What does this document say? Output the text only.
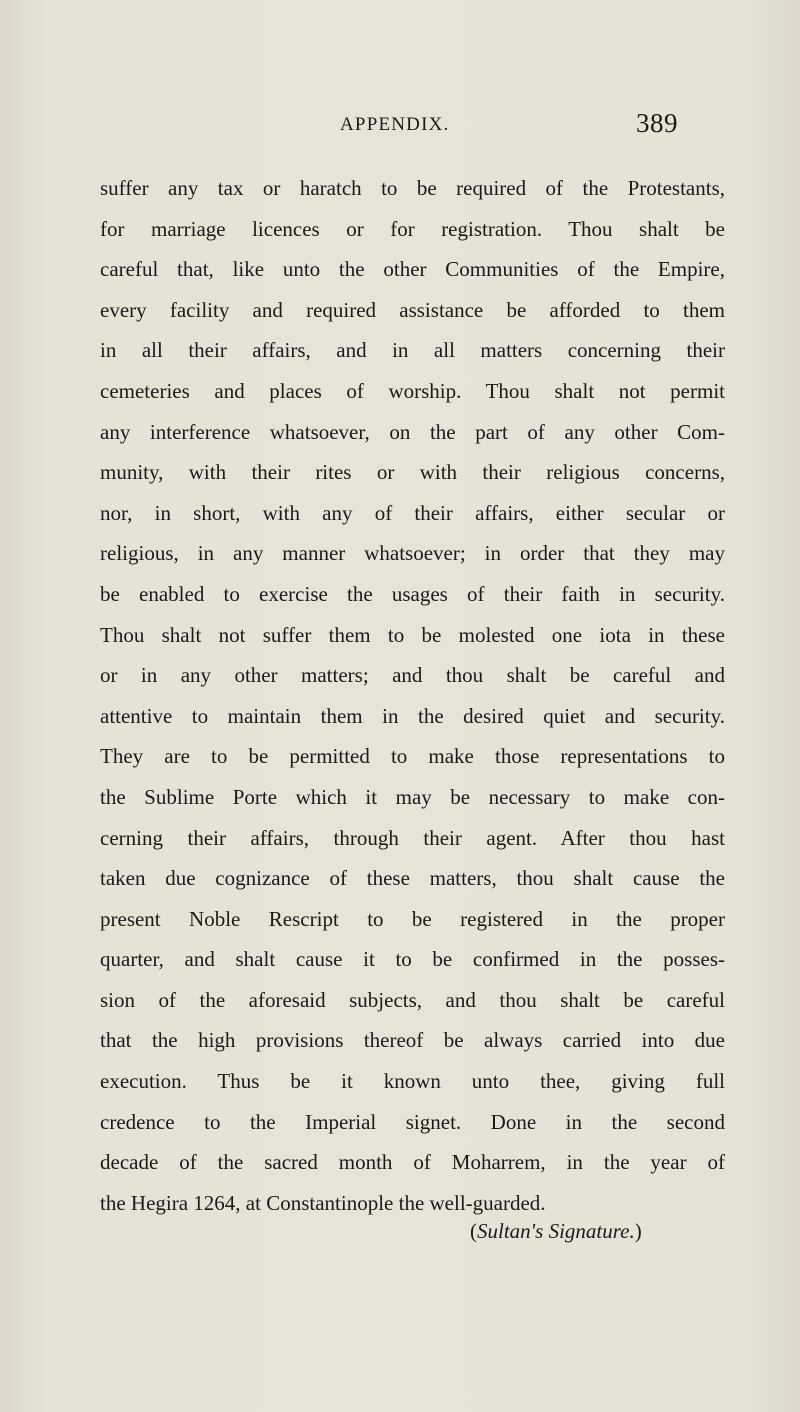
APPENDIX.	389
suffer any tax or haratch to be required of the Protestants,
for marriage licences or for registration. Thou shalt be
careful that, like unto the other Communities of the Empire,
every facility and required assistance be afforded to them
in all their affairs, and in all matters concerning their
cemeteries and places of worship. Thou shalt not permit
any interference whatsoever, on the part of any other Com-
munity, with their rites or with their religious concerns,
nor, in short, with any of their affairs, either secular or
religious, in any manner whatsoever; in order that they may
be enabled to exercise the usages of their faith in security.
Thou shalt not suffer them to be molested one iota in these
or in any other matters; and thou shalt be careful and
attentive to maintain them in the desired quiet and security.
They are to be permitted to make those representations to
the Sublime Porte which it may be necessary to make con-
cerning their affairs, through their agent. After thou hast
taken due cognizance of these matters, thou shalt cause the
present Noble Rescript to be registered in the proper
quarter, and shalt cause it to be confirmed in the posses-
sion of the aforesaid subjects, and thou shalt be careful
that the high provisions thereof be always carried into due
execution. Thus be it known unto thee, giving full
credence to the Imperial signet. Done in the second
decade of the sacred month of Moharrem, in the year of
the Hegira 1264, at Constantinople the well-guarded.
(Sultan's Signature.)
